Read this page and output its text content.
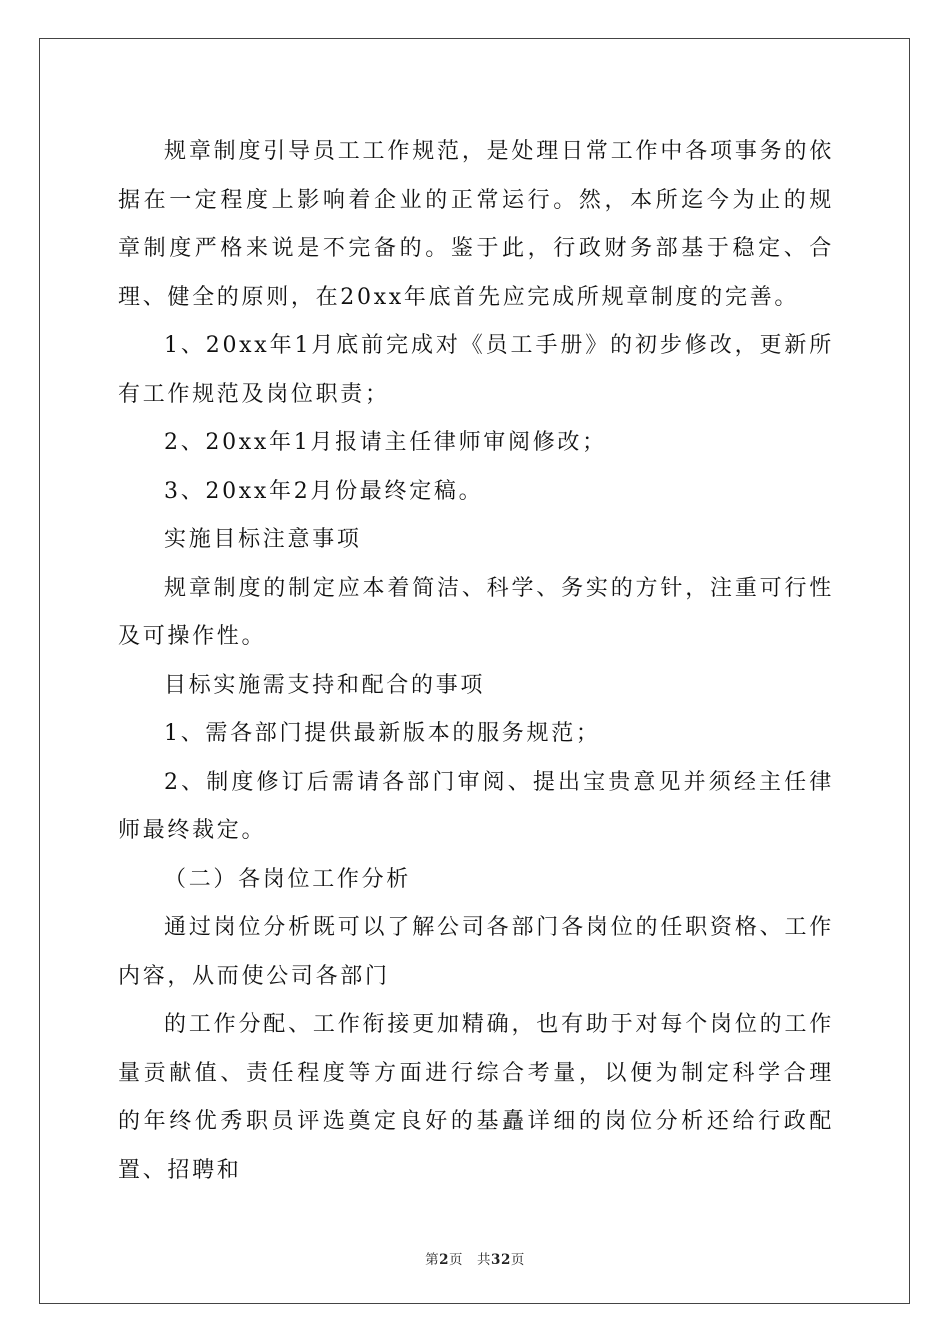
规章制度引导员工工作规范，是处理日常工作中各项事务的依据在一定程度上影响着企业的正常运行。然，本所迄今为止的规章制度严格来说是不完备的。鉴于此，行政财务部基于稳定、合理、健全的原则，在20xx年底首先应完成所规章制度的完善。

1、20xx年1月底前完成对《员工手册》的初步修改，更新所有工作规范及岗位职责；

2、20xx年1月报请主任律师审阅修改；

3、20xx年2月份最终定稿。

实施目标注意事项

规章制度的制定应本着简洁、科学、务实的方针，注重可行性及可操作性。

目标实施需支持和配合的事项

1、需各部门提供最新版本的服务规范；

2、制度修订后需请各部门审阅、提出宝贵意见并须经主任律师最终裁定。

（二）各岗位工作分析

通过岗位分析既可以了解公司各部门各岗位的任职资格、工作内容，从而使公司各部门

的工作分配、工作衔接更加精确，也有助于对每个岗位的工作量贡献值、责任程度等方面进行综合考量，以便为制定科学合理的年终优秀职员评选奠定良好的基矗详细的岗位分析还给行政配置、招聘和

第2页 共32页
